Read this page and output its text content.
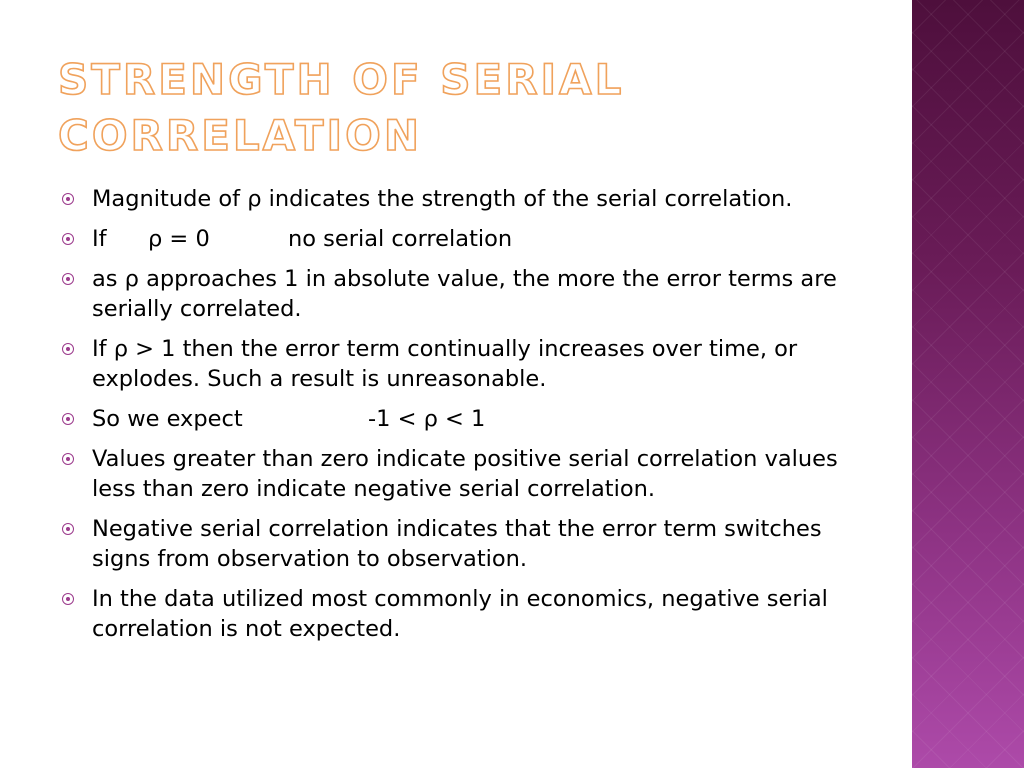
STRENGTH OF SERIAL CORRELATION
Magnitude of ρ indicates the strength of the serial correlation.
If ρ = 0	no serial correlation
as ρ approaches 1 in absolute value, the more the error terms are serially correlated.
If ρ > 1 then the error term continually increases over time, or explodes. Such a result is unreasonable.
So we expect	-1 < ρ < 1
Values greater than zero indicate positive serial correlation values less than zero indicate negative serial correlation.
Negative serial correlation indicates that the error term switches signs from observation to observation.
In the data utilized most commonly in economics, negative serial correlation is not expected.
